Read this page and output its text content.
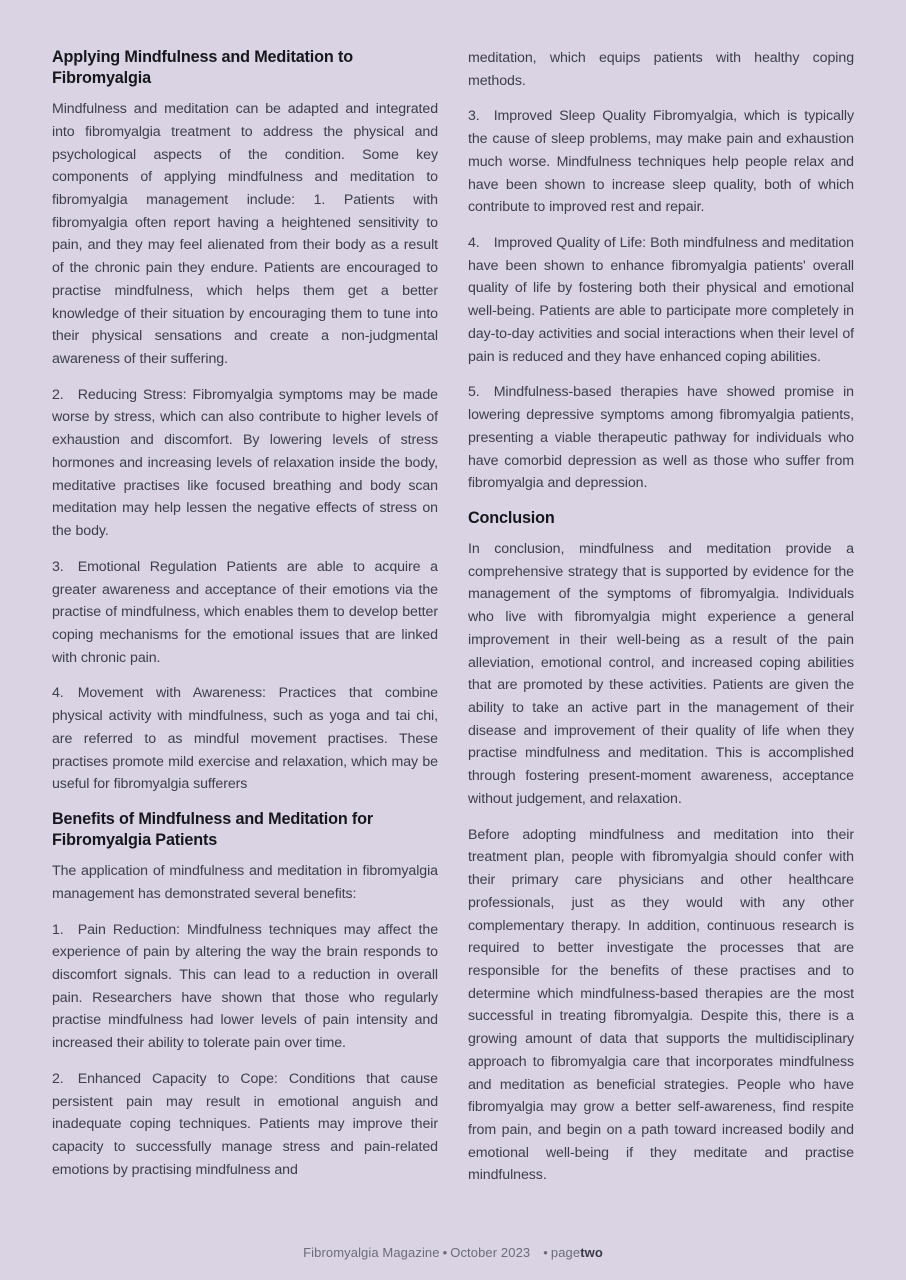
Applying Mindfulness and Meditation to Fibromyalgia

Mindfulness and meditation can be adapted and integrated into fibromyalgia treatment to address the physical and psychological aspects of the condition. Some key components of applying mindfulness and meditation to fibromyalgia management include: 1. Patients with fibromyalgia often report having a heightened sensitivity to pain, and they may feel alienated from their body as a result of the chronic pain they endure. Patients are encouraged to practise mindfulness, which helps them get a better knowledge of their situation by encouraging them to tune into their physical sensations and create a non-judgmental awareness of their suffering.

2. Reducing Stress: Fibromyalgia symptoms may be made worse by stress, which can also contribute to higher levels of exhaustion and discomfort. By lowering levels of stress hormones and increasing levels of relaxation inside the body, meditative practises like focused breathing and body scan meditation may help lessen the negative effects of stress on the body.

3. Emotional Regulation Patients are able to acquire a greater awareness and acceptance of their emotions via the practise of mindfulness, which enables them to develop better coping mechanisms for the emotional issues that are linked with chronic pain.

4. Movement with Awareness: Practices that combine physical activity with mindfulness, such as yoga and tai chi, are referred to as mindful movement practises. These practises promote mild exercise and relaxation, which may be useful for fibromyalgia sufferers

Benefits of Mindfulness and Meditation for Fibromyalgia Patients

The application of mindfulness and meditation in fibromyalgia management has demonstrated several benefits:

1. Pain Reduction: Mindfulness techniques may affect the experience of pain by altering the way the brain responds to discomfort signals. This can lead to a reduction in overall pain. Researchers have shown that those who regularly practise mindfulness had lower levels of pain intensity and increased their ability to tolerate pain over time.

2. Enhanced Capacity to Cope: Conditions that cause persistent pain may result in emotional anguish and inadequate coping techniques. Patients may improve their capacity to successfully manage stress and pain-related emotions by practising mindfulness and

meditation, which equips patients with healthy coping methods.

3. Improved Sleep Quality Fibromyalgia, which is typically the cause of sleep problems, may make pain and exhaustion much worse. Mindfulness techniques help people relax and have been shown to increase sleep quality, both of which contribute to improved rest and repair.

4. Improved Quality of Life: Both mindfulness and meditation have been shown to enhance fibromyalgia patients' overall quality of life by fostering both their physical and emotional well-being. Patients are able to participate more completely in day-to-day activities and social interactions when their level of pain is reduced and they have enhanced coping abilities.

5. Mindfulness-based therapies have showed promise in lowering depressive symptoms among fibromyalgia patients, presenting a viable therapeutic pathway for individuals who have comorbid depression as well as those who suffer from fibromyalgia and depression.

Conclusion

In conclusion, mindfulness and meditation provide a comprehensive strategy that is supported by evidence for the management of the symptoms of fibromyalgia. Individuals who live with fibromyalgia might experience a general improvement in their well-being as a result of the pain alleviation, emotional control, and increased coping abilities that are promoted by these activities. Patients are given the ability to take an active part in the management of their disease and improvement of their quality of life when they practise mindfulness and meditation. This is accomplished through fostering present-moment awareness, acceptance without judgement, and relaxation.

Before adopting mindfulness and meditation into their treatment plan, people with fibromyalgia should confer with their primary care physicians and other healthcare professionals, just as they would with any other complementary therapy. In addition, continuous research is required to better investigate the processes that are responsible for the benefits of these practises and to determine which mindfulness-based therapies are the most successful in treating fibromyalgia. Despite this, there is a growing amount of data that supports the multidisciplinary approach to fibromyalgia care that incorporates mindfulness and meditation as beneficial strategies. People who have fibromyalgia may grow a better self-awareness, find respite from pain, and begin on a path toward increased bodily and emotional well-being if they meditate and practise mindfulness.

Fibromyalgia Magazine • October 2023 • pagetwo
